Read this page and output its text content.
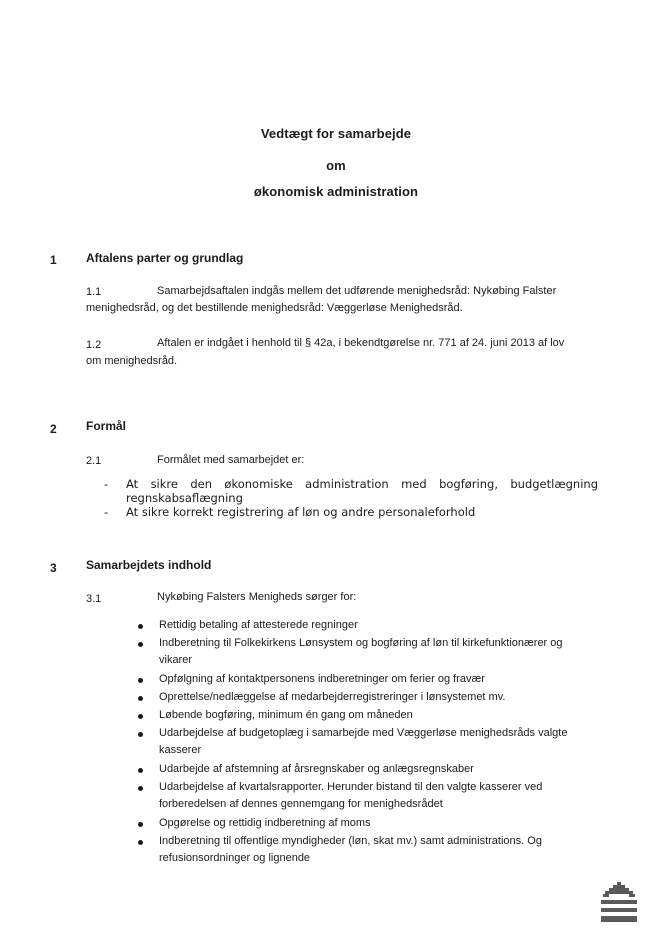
Vedtægt for samarbejde
om
økonomisk administration
1 Aftalens parter og grundlag
1.1	Samarbejdsaftalen indgås mellem det udførende menighedsråd: Nykøbing Falster
menighedsråd, og det bestillende menighedsråd: Væggerløse Menighedsråd.
1.2	Aftalen er indgået i henhold til § 42a, i bekendtgørelse nr. 771 af 24. juni 2013 af lov
om menighedsråd.
2 Formål
2.1	Formålet med samarbejdet er:
- At sikre den økonomiske administration med bogføring, budgetlægning
regnskabsaflægning
- At sikre korrekt registrering af løn og andre personaleforhold
3 Samarbejdets indhold
3.1	Nykøbing Falsters Menigheds sørger for:
Rettidig betaling af attesterede regninger
Indberetning til Folkekirkens Lønsystem og bogføring af løn til kirkefunktionærer og
vikarer
Opfølgning af kontaktpersonens indberetninger om ferier og fravær
Oprettelse/nedlæggelse af medarbejderregistreringer i lønsystemet mv.
Løbende bogføring, minimum én gang om måneden
Udarbejdelse af budgetoplæg i samarbejde med Væggerløse menighedsråds valgte
kasserer
Udarbejde af afstemning af årsregnskaber og anlægsregnskaber
Udarbejdelse af kvartalsrapporter. Herunder bistand til den valgte kasserer ved
forberedelsen af dennes gennemgang for menighedsrådet
Opgørelse og rettidig indberetning af moms
Indberetning til offentlige myndigheder (løn, skat mv.) samt administrations. Og
refusionsordninger og lignende
